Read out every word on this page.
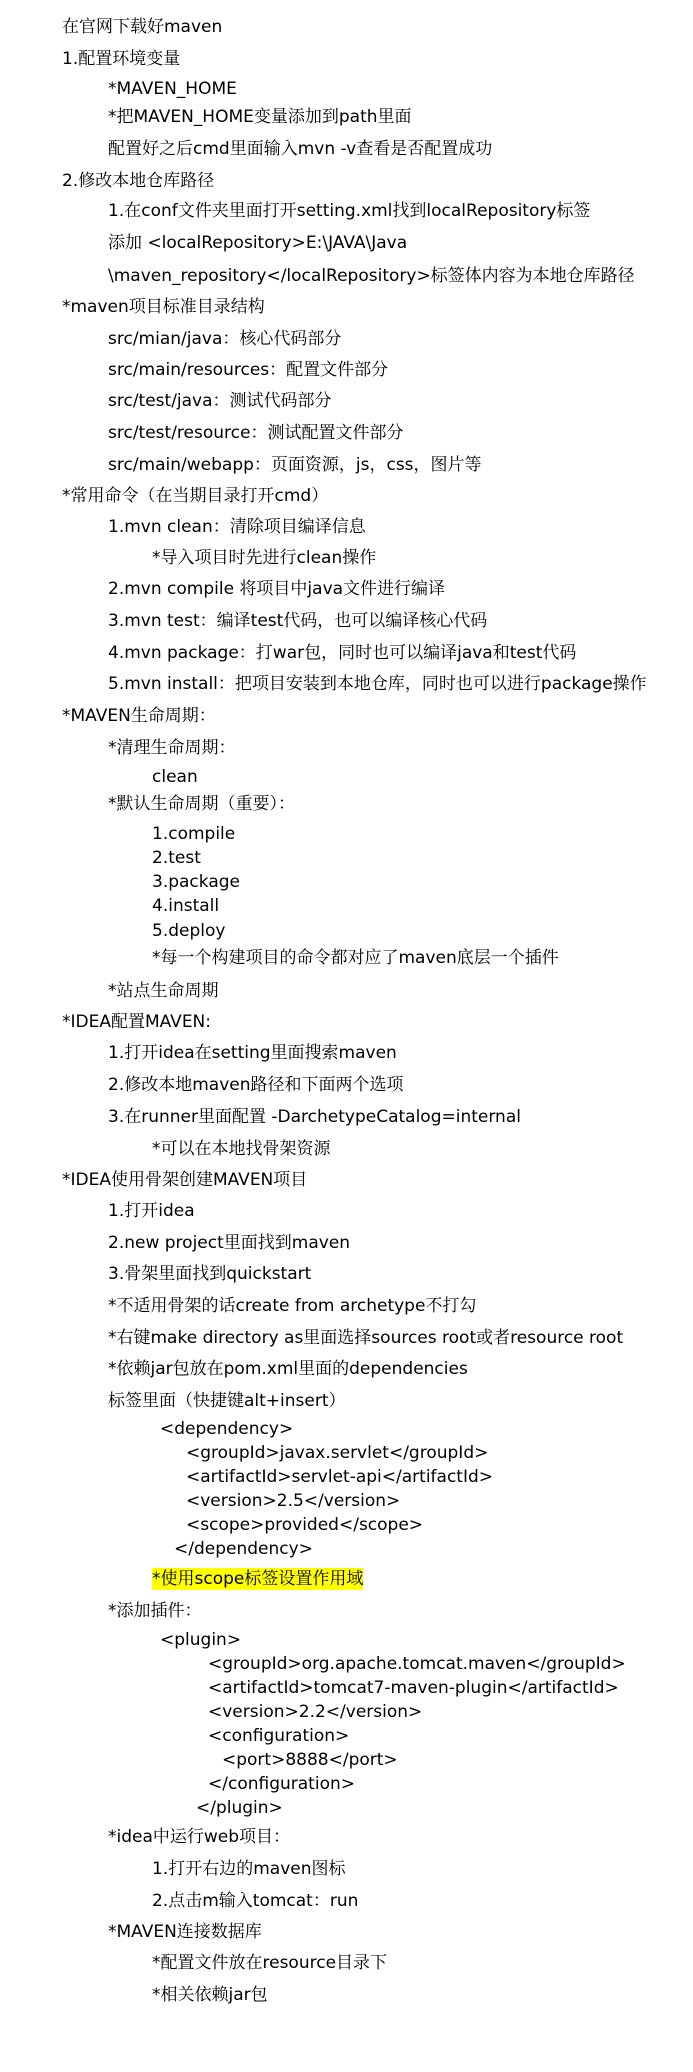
在官网下载好maven
1.配置环境变量
*MAVEN_HOME
*把MAVEN_HOME变量添加到path里面
配置好之后cmd里面输入mvn -v查看是否配置成功
2.修改本地仓库路径
1.在conf文件夹里面打开setting.xml找到localRepository标签
添加 <localRepository>E:\JAVA\Java
\maven_repository</localRepository>标签体内容为本地仓库路径
*maven项目标准目录结构
src/mian/java：核心代码部分
src/main/resources：配置文件部分
src/test/java：测试代码部分
src/test/resource：测试配置文件部分
src/main/webapp：页面资源，js，css，图片等
*常用命令（在当期目录打开cmd）
1.mvn clean：清除项目编译信息
*导入项目时先进行clean操作
2.mvn compile 将项目中java文件进行编译
3.mvn test：编译test代码，也可以编译核心代码
4.mvn package：打war包，同时也可以编译java和test代码
5.mvn install：把项目安装到本地仓库，同时也可以进行package操作
*MAVEN生命周期：
*清理生命周期：
clean
*默认生命周期（重要）：
1.compile
2.test
3.package
4.install
5.deploy
*每一个构建项目的命令都对应了maven底层一个插件
*站点生命周期
*IDEA配置MAVEN:
1.打开idea在setting里面搜索maven
2.修改本地maven路径和下面两个选项
3.在runner里面配置 -DarchetypeCatalog=internal
*可以在本地找骨架资源
*IDEA使用骨架创建MAVEN项目
1.打开idea
2.new project里面找到maven
3.骨架里面找到quickstart
*不适用骨架的话create from archetype不打勾
*右键make directory as里面选择sources root或者resource root
*依赖jar包放在pom.xml里面的dependencies
标签里面（快捷键alt+insert）
<dependency>
<groupId>javax.servlet</groupId>
<artifactId>servlet-api</artifactId>
<version>2.5</version>
<scope>provided</scope>
</dependency>
*使用scope标签设置作用域
*添加插件：
<plugin>
<groupId>org.apache.tomcat.maven</groupId>
<artifactId>tomcat7-maven-plugin</artifactId>
<version>2.2</version>
<configuration>
<port>8888</port>
</configuration>
</plugin>
*idea中运行web项目：
1.打开右边的maven图标
2.点击m输入tomcat：run
*MAVEN连接数据库
*配置文件放在resource目录下
*相关依赖jar包
